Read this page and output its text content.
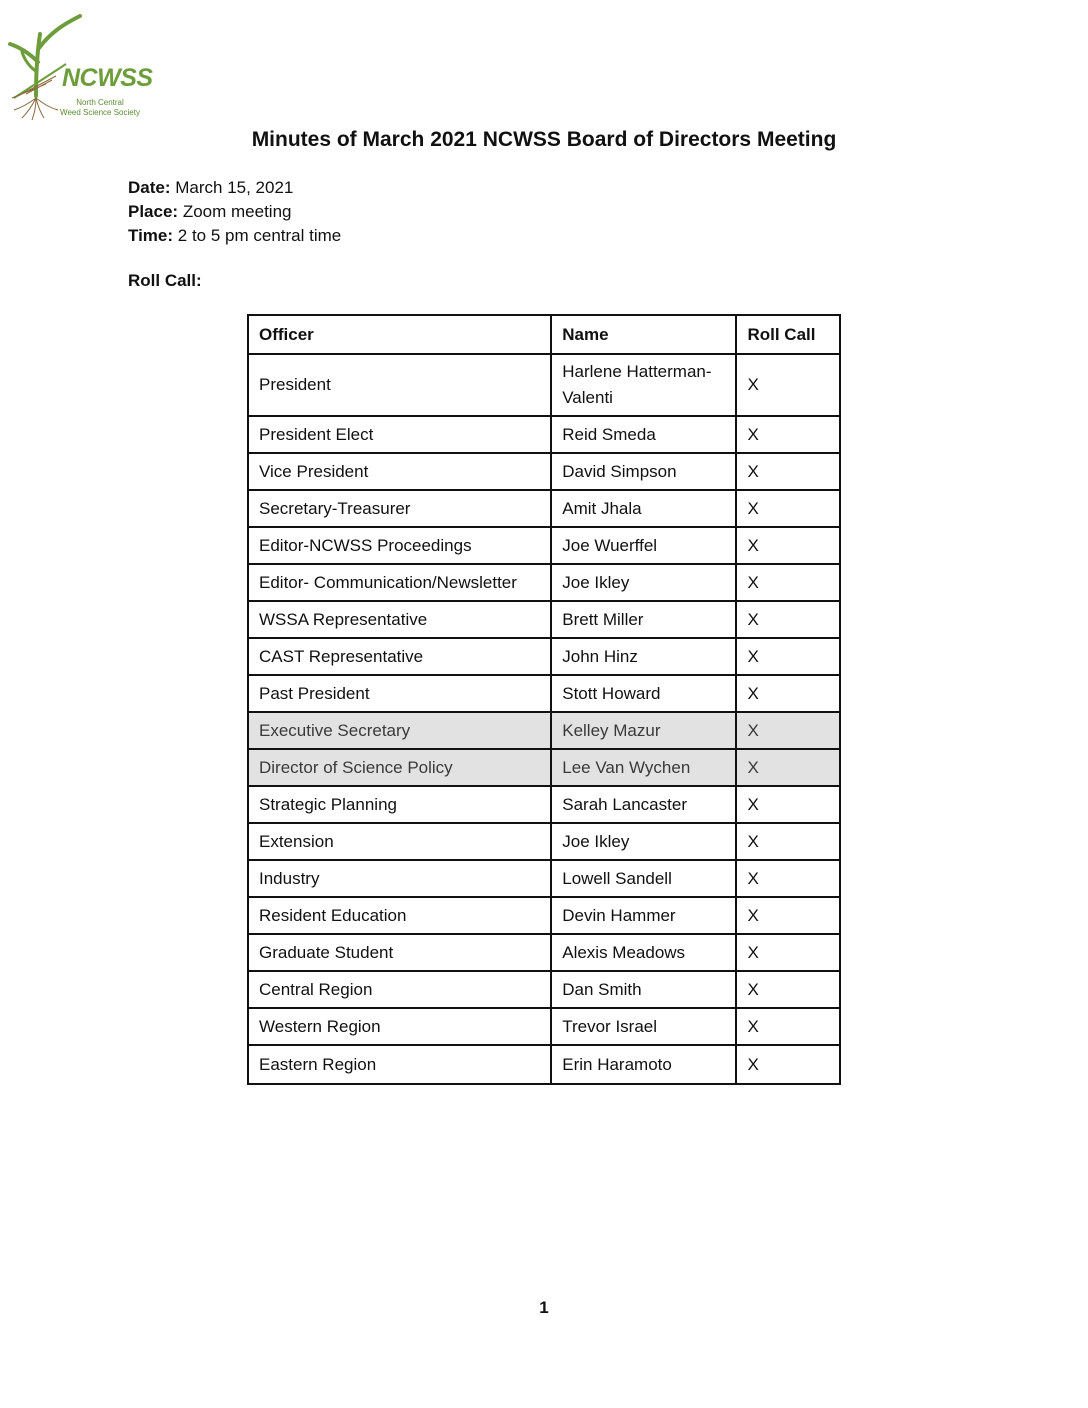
NCWSS
North Central
Weed Science Society
Minutes of March 2021 NCWSS Board of Directors Meeting
Date: March 15, 2021
Place: Zoom meeting
Time: 2 to 5 pm central time
Roll Call:
Officer	Name	Roll Call
President	Harlene Hatterman-Valenti	X
President Elect	Reid Smeda	X
Vice President	David Simpson	X
Secretary-Treasurer	Amit Jhala	X
Editor-NCWSS Proceedings	Joe Wuerffel	X
Editor- Communication/Newsletter	Joe Ikley	X
WSSA Representative	Brett Miller	X
CAST Representative	John Hinz	X
Past President	Stott Howard	X
Executive Secretary	Kelley Mazur	X
Director of Science Policy	Lee Van Wychen	X
Strategic Planning	Sarah Lancaster	X
Extension	Joe Ikley	X
Industry	Lowell Sandell	X
Resident Education	Devin Hammer	X
Graduate Student	Alexis Meadows	X
Central Region	Dan Smith	X
Western Region	Trevor Israel	X
Eastern Region	Erin Haramoto	X
1
